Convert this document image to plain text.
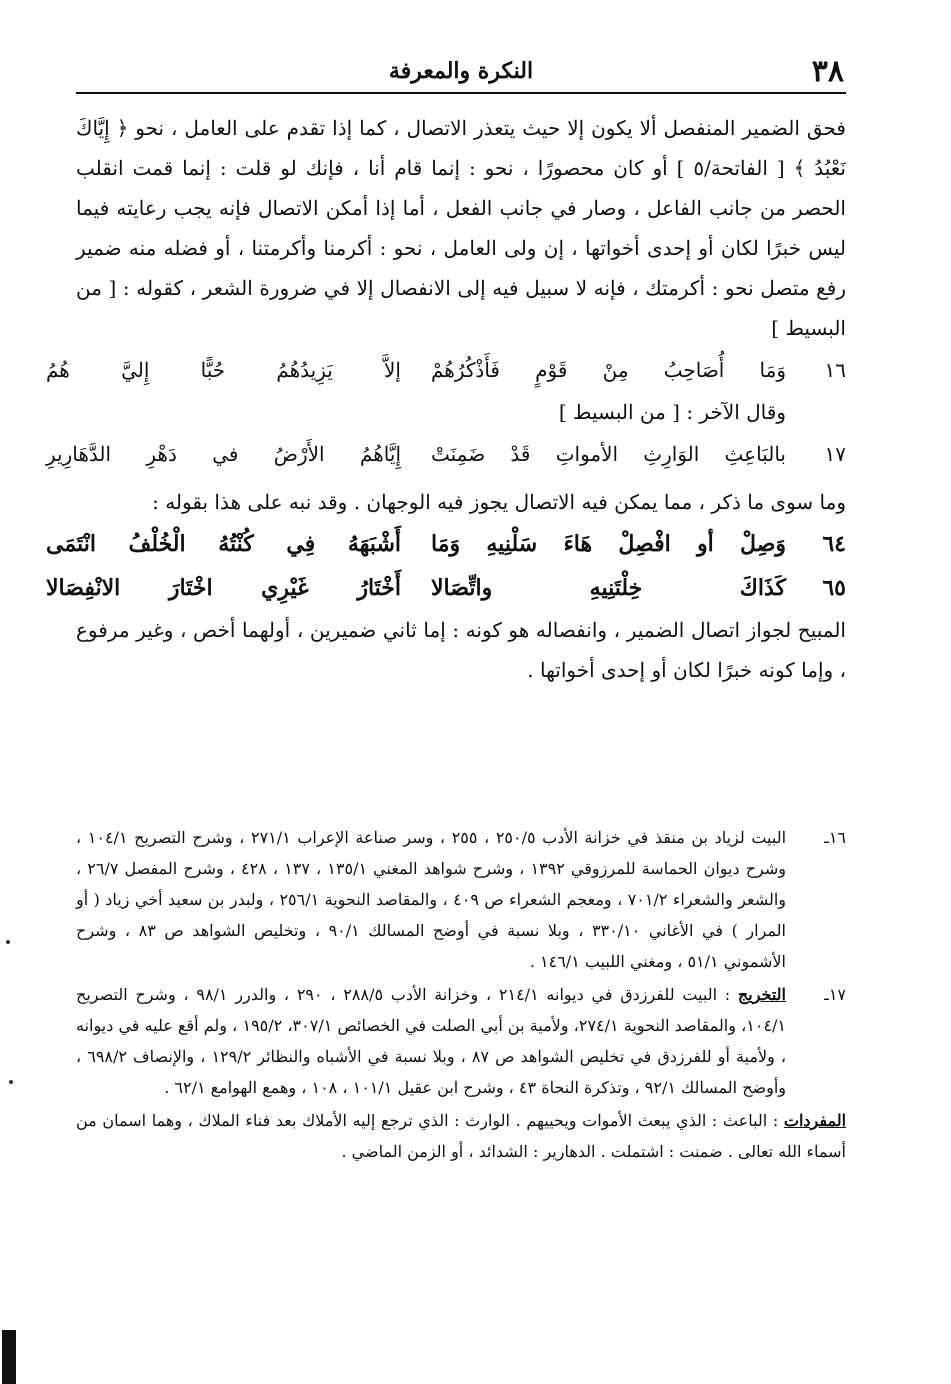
٣٨
النكرة والمعرفة

فحق الضمير المنفصل ألا يكون إلا حيث يتعذر الاتصال ، كما إذا تقدم على العامل ، نحو ﴿ إِيَّاكَ نَعْبُدُ ﴾ [ الفاتحة/٥ ] أو كان محصورًا ، نحو : إنما قام أنا ، فإنك لو قلت : إنما قمت انقلب الحصر من جانب الفاعل ، وصار في جانب الفعل ، أما إذا أمكن الاتصال فإنه يجب رعايته فيما ليس خبرًا لكان أو إحدى أخواتها ، إن ولى العامل ، نحو : أكرمنا وأكرمتنا ، أو فضله منه ضمير رفع متصل نحو : أكرمتك ، فإنه لا سبيل فيه إلى الانفصال إلا في ضرورة الشعر ، كقوله : [ من البسيط ]

١٦
وَمَا أُصَاحِبُ مِنْ قَوْمٍ فَأَذْكُرُهُمْ
إلاَّ يَزِيدُهُمُ حُبًّا إِليَّ هُمُ
وقال الآخر : [ من البسيط ]
١٧
بالبَاعِثِ الوَارِثِ الأمواتِ قَدْ ضَمِنَتْ
إِيَّاهُمُ الأَرْضُ في دَهْرِ الدَّهَارِيرِ

وما سوى ما ذكر ، مما يمكن فيه الاتصال يجوز فيه الوجهان . وقد نبه على هذا بقوله :

٦٤
وَصِلْ أو افْصِلْ هَاءَ سَلْنِيهِ وَمَا
أَشْبَهَهُ فِي كُنْتُهُ الْخُلْفُ انْتَمَى
٦٥
كَذَاكَ خِلْتَنِيهِ واتِّصَالا
أَخْتَارُ غَيْرِي اخْتَارَ الانْفِصَالا

المبيح لجواز اتصال الضمير ، وانفصاله هو كونه : إما ثاني ضميرين ، أولهما أخص ، وغير مرفوع ، وإما كونه خبرًا لكان أو إحدى أخواتها .

١٦ـ
البيت لزياد بن منقذ في خزانة الأدب ٢٥٠/٥ ، ٢٥٥ ، وسر صناعة الإعراب ٢٧١/١ ، وشرح التصريح ١٠٤/١ ، وشرح ديوان الحماسة للمرزوقي ١٣٩٢ ، وشرح شواهد المغني ١٣٥/١ ، ١٣٧ ، ٤٢٨ ، وشرح المفصل ٢٦/٧ ، والشعر والشعراء ٧٠١/٢ ، ومعجم الشعراء ص ٤٠٩ ، والمقاصد النحوية ٢٥٦/١ ، ولبدر بن سعيد أخي زياد ( أو المرار ) في الأغاني ٣٣٠/١٠ ، وبلا نسبة في أوضح المسالك ٩٠/١ ، وتخليص الشواهد ص ٨٣ ، وشرح الأشموني ٥١/١ ، ومغني اللبيب ١٤٦/١ .
١٧ـ
التخريج : البيت للفرزدق في ديوانه ٢١٤/١ ، وخزانة الأدب ٢٨٨/٥ ، ٢٩٠ ، والدرر ٩٨/١ ، وشرح التصريح ١٠٤/١، والمقاصد النحوية ٢٧٤/١، ولأمية بن أبي الصلت في الخصائص ٣٠٧/١، ١٩٥/٢ ، ولم أقع عليه في ديوانه ، ولأمية أو للفرزدق في تخليص الشواهد ص ٨٧ ، وبلا نسبة في الأشباه والنظائر ١٢٩/٢ ، والإنصاف ٦٩٨/٢ ، وأوضح المسالك ٩٢/١ ، وتذكرة النحاة ٤٣ ، وشرح ابن عقيل ١٠١/١ ، ١٠٨ ، وهمع الهوامع ٦٢/١ .
المفردات : الباعث : الذي يبعث الأموات ويحييهم . الوارث : الذي ترجع إليه الأملاك بعد فناء الملاك ، وهما اسمان من أسماء الله تعالى . ضمنت : اشتملت . الدهارير : الشدائد ، أو الزمن الماضي .
